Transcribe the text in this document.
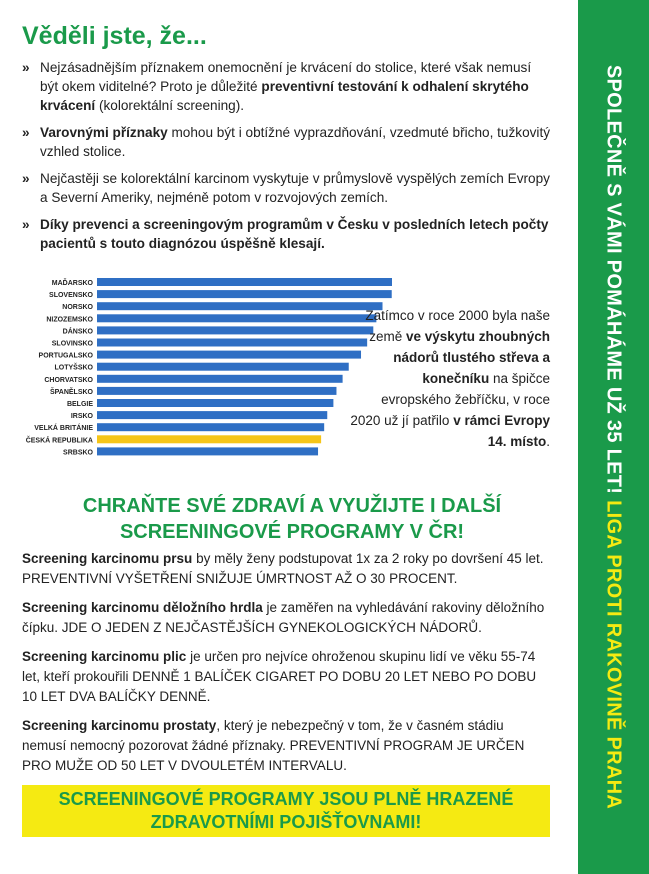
Věděli jste, že...
» Nejzásadnějším příznakem onemocnění je krvácení do stolice, které však nemusí být okem viditelné? Proto je důležité preventivní testování k odhalení skrytého krvácení (kolorektální screening).
» Varovnými příznaky mohou být i obtížné vyprazdňování, vzedmuté břicho, tužkovitý vzhled stolice.
» Nejčastěji se kolorektální karcinom vyskytuje v průmyslově vyspělých zemích Evropy a Severní Ameriky, nejméně potom v rozvojových zemích.
» Díky prevenci a screeningovým programům v Česku v posledních letech počty pacientů s touto diagnózou úspěšně klesají.
MAĎARSKO
SLOVENSKO
NORSKO
NIZOZEMSKO
DÁNSKO
SLOVINSKO
PORTUGALSKO
LOTYŠSKO
CHORVATSKO
ŠPANĚLSKO
BELGIE
IRSKO
VELKÁ BRITÁNIE
ČESKÁ REPUBLIKA
SRBSKO
Zatímco v roce 2000 byla naše země ve výskytu zhoubných nádorů tlustého střeva a konečníku na špičce evropského žebříčku, v roce 2020 už jí patřilo v rámci Evropy 14. místo.
CHRAŇTE SVÉ ZDRAVÍ A VYUŽIJTE I DALŠÍ
SCREENINGOVÉ PROGRAMY V ČR!

Screening karcinomu prsu by měly ženy podstupovat 1x za 2 roky po dovršení 45 let. PREVENTIVNÍ VYŠETŘENÍ SNIŽUJE ÚMRTNOST AŽ O 30 PROCENT.

Screening karcinomu děložního hrdla je zaměřen na vyhledávání rakoviny děložního čípku. JDE O JEDEN Z NEJČASTĚJŠÍCH GYNEKOLOGICKÝCH NÁDORŮ.

Screening karcinomu plic je určen pro nejvíce ohroženou skupinu lidí ve věku 55-74 let, kteří prokouřili DENNĚ 1 BALÍČEK CIGARET PO DOBU 20 LET NEBO PO DOBU 10 LET DVA BALÍČKY DENNĚ.

Screening karcinomu prostaty, který je nebezpečný v tom, že v časném stádiu nemusí nemocný pozorovat žádné příznaky. PREVENTIVNÍ PROGRAM JE URČEN PRO MUŽE OD 50 LET V DVOULETÉM INTERVALU.

SCREENINGOVÉ PROGRAMY JSOU PLNĚ HRAZENÉ
ZDRAVOTNÍMI POJIŠŤOVNAMI!
SPOLEČNĚ S VÁMI POMÁHÁME UŽ 35 LET! LIGA PROTI RAKOVINĚ PRAHA
